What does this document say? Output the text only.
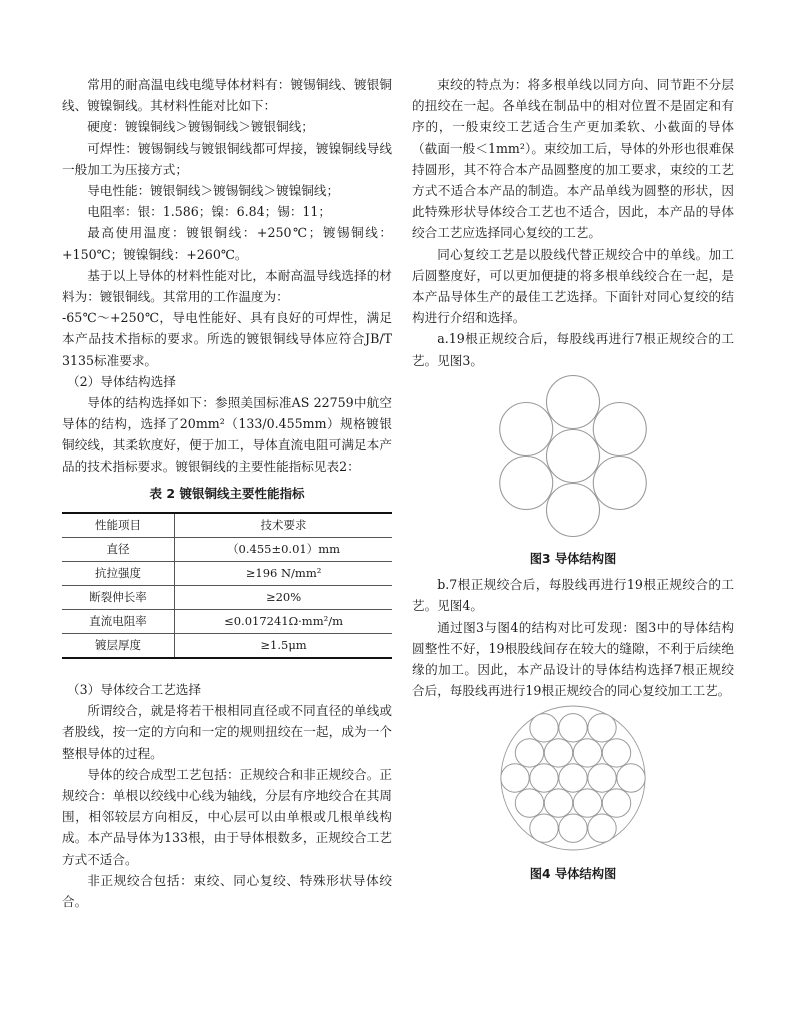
常用的耐高温电线电缆导体材料有：镀锡铜线、镀银铜线、镀镍铜线。其材料性能对比如下：

硬度：镀镍铜线＞镀锡铜线＞镀银铜线；

可焊性：镀锡铜线与镀银铜线都可焊接，镀镍铜线导线一般加工为压接方式；

导电性能：镀银铜线＞镀锡铜线＞镀镍铜线；

电阻率：银：1.586；镍：6.84；锡：11；

最高使用温度：镀银铜线：+250℃；镀锡铜线：+150℃；镀镍铜线：+260℃。

基于以上导体的材料性能对比，本耐高温导线选择的材料为：镀银铜线。其常用的工作温度为：

-65℃～+250℃，导电性能好、具有良好的可焊性，满足本产品技术指标的要求。所选的镀银铜线导体应符合JB/T 3135标准要求。

（2）导体结构选择

导体的结构选择如下：参照美国标准AS 22759中航空导体的结构，选择了20mm²（133/0.455mm）规格镀银铜绞线，其柔软度好，便于加工，导体直流电阻可满足本产品的技术指标要求。镀银铜线的主要性能指标见表2：

表 2 镀银铜线主要性能指标
性能项目	技术要求
直径	（0.455±0.01）mm
抗拉强度	≥196 N/mm²
断裂伸长率	≥20%
直流电阻率	≤0.017241Ω·mm²/m
镀层厚度	≥1.5μm

（3）导体绞合工艺选择

所谓绞合，就是将若干根相同直径或不同直径的单线或者股线，按一定的方向和一定的规则扭绞在一起，成为一个整根导体的过程。

导体的绞合成型工艺包括：正规绞合和非正规绞合。正规绞合：单根以绞线中心线为轴线，分层有序地绞合在其周围，相邻较层方向相反，中心层可以由单根或几根单线构成。本产品导体为133根，由于导体根数多，正规绞合工艺方式不适合。

非正规绞合包括：束绞、同心复绞、特殊形状导体绞合。

束绞的特点为：将多根单线以同方向、同节距不分层的扭绞在一起。各单线在制品中的相对位置不是固定和有序的，一般束绞工艺适合生产更加柔软、小截面的导体（截面一般＜1mm²）。束绞加工后，导体的外形也很难保持圆形，其不符合本产品圆整度的加工要求，束绞的工艺方式不适合本产品的制造。本产品单线为圆整的形状，因此特殊形状导体绞合工艺也不适合，因此，本产品的导体绞合工艺应选择同心复绞的工艺。

同心复绞工艺是以股线代替正规绞合中的单线。加工后圆整度好，可以更加便捷的将多根单线绞合在一起，是本产品导体生产的最佳工艺选择。下面针对同心复绞的结构进行介绍和选择。

a.19根正规绞合后，每股线再进行7根正规绞合的工艺。见图3。

图3 导体结构图

b.7根正规绞合后，每股线再进行19根正规绞合的工艺。见图4。

通过图3与图4的结构对比可发现：图3中的导体结构圆整性不好，19根股线间存在较大的缝隙，不利于后续绝缘的加工。因此，本产品设计的导体结构选择7根正规绞合后，每股线再进行19根正规绞合的同心复绞加工工艺。

图4 导体结构图
